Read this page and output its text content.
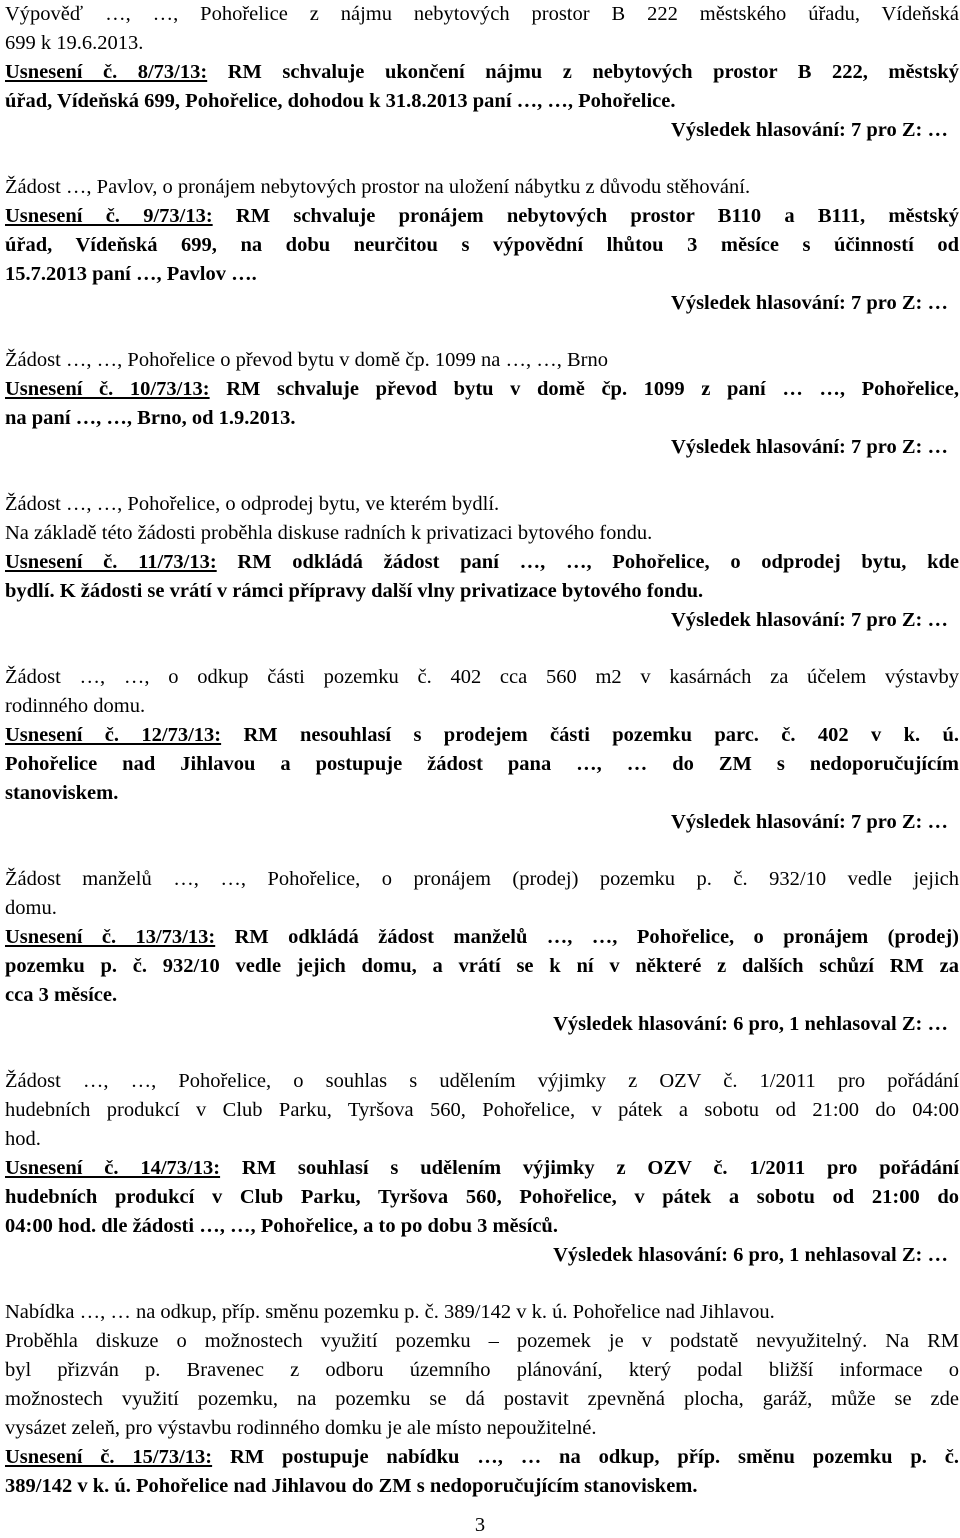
Výpověď …, …, Pohořelice z nájmu nebytových prostor B 222 městského úřadu, Vídeňská
699 k 19.6.2013.
Usnesení č. 8/73/13: RM schvaluje ukončení nájmu z nebytových prostor B 222, městský
úřad, Vídeňská 699, Pohořelice, dohodou k 31.8.2013 paní …, …, Pohořelice.
Výsledek hlasování: 7 pro Z: …
Žádost …, Pavlov, o pronájem nebytových prostor na uložení nábytku z důvodu stěhování.
Usnesení č. 9/73/13: RM schvaluje pronájem nebytových prostor B110 a B111, městský
úřad, Vídeňská 699, na dobu neurčitou s výpovědní lhůtou 3 měsíce s účinností od
15.7.2013 paní …, Pavlov ….
Výsledek hlasování: 7 pro Z: …
Žádost …, …, Pohořelice o převod bytu v domě čp. 1099 na …, …, Brno
Usnesení č. 10/73/13: RM schvaluje převod bytu v domě čp. 1099 z paní … …, Pohořelice,
na paní …, …, Brno, od 1.9.2013.
Výsledek hlasování: 7 pro Z: …
Žádost …, …, Pohořelice, o odprodej bytu, ve kterém bydlí.
Na základě této žádosti proběhla diskuse radních k privatizaci bytového fondu.
Usnesení č. 11/73/13: RM odkládá žádost paní …, …, Pohořelice, o odprodej bytu, kde
bydlí. K žádosti se vrátí v rámci přípravy další vlny privatizace bytového fondu.
Výsledek hlasování: 7 pro Z: …
Žádost …, …, o odkup části pozemku č. 402 cca 560 m2 v kasárnách za účelem výstavby
rodinného domu.
Usnesení č. 12/73/13: RM nesouhlasí s prodejem části pozemku parc. č. 402 v k. ú.
Pohořelice nad Jihlavou a postupuje žádost pana …, … do ZM s nedoporučujícím
stanoviskem.
Výsledek hlasování: 7 pro Z: …
Žádost manželů …, …, Pohořelice, o pronájem (prodej) pozemku p. č. 932/10 vedle jejich
domu.
Usnesení č. 13/73/13: RM odkládá žádost manželů …, …, Pohořelice, o pronájem (prodej)
pozemku p. č. 932/10 vedle jejich domu, a vrátí se k ní v některé z dalších schůzí RM za
cca 3 měsíce.
Výsledek hlasování: 6 pro, 1 nehlasoval Z: …
Žádost …, …, Pohořelice, o souhlas s udělením výjimky z OZV č. 1/2011 pro pořádání
hudebních produkcí v Club Parku, Tyršova 560, Pohořelice, v pátek a sobotu od 21:00 do 04:00
hod.
Usnesení č. 14/73/13: RM souhlasí s udělením výjimky z OZV č. 1/2011 pro pořádání
hudebních produkcí v Club Parku, Tyršova 560, Pohořelice, v pátek a sobotu od 21:00 do
04:00 hod. dle žádosti …, …, Pohořelice, a to po dobu 3 měsíců.
Výsledek hlasování: 6 pro, 1 nehlasoval Z: …
Nabídka …, … na odkup, příp. směnu pozemku p. č. 389/142 v k. ú. Pohořelice nad Jihlavou.
Proběhla diskuze o možnostech využití pozemku – pozemek je v podstatě nevyužitelný. Na RM
byl přizván p. Bravenec z odboru územního plánování, který podal bližší informace o
možnostech využití pozemku, na pozemku se dá postavit zpevněná plocha, garáž, může se zde
vysázet zeleň, pro výstavbu rodinného domku je ale místo nepoužitelné.
Usnesení č. 15/73/13: RM postupuje nabídku …, … na odkup, příp. směnu pozemku p. č.
389/142 v k. ú. Pohořelice nad Jihlavou do ZM s nedoporučujícím stanoviskem.
3
